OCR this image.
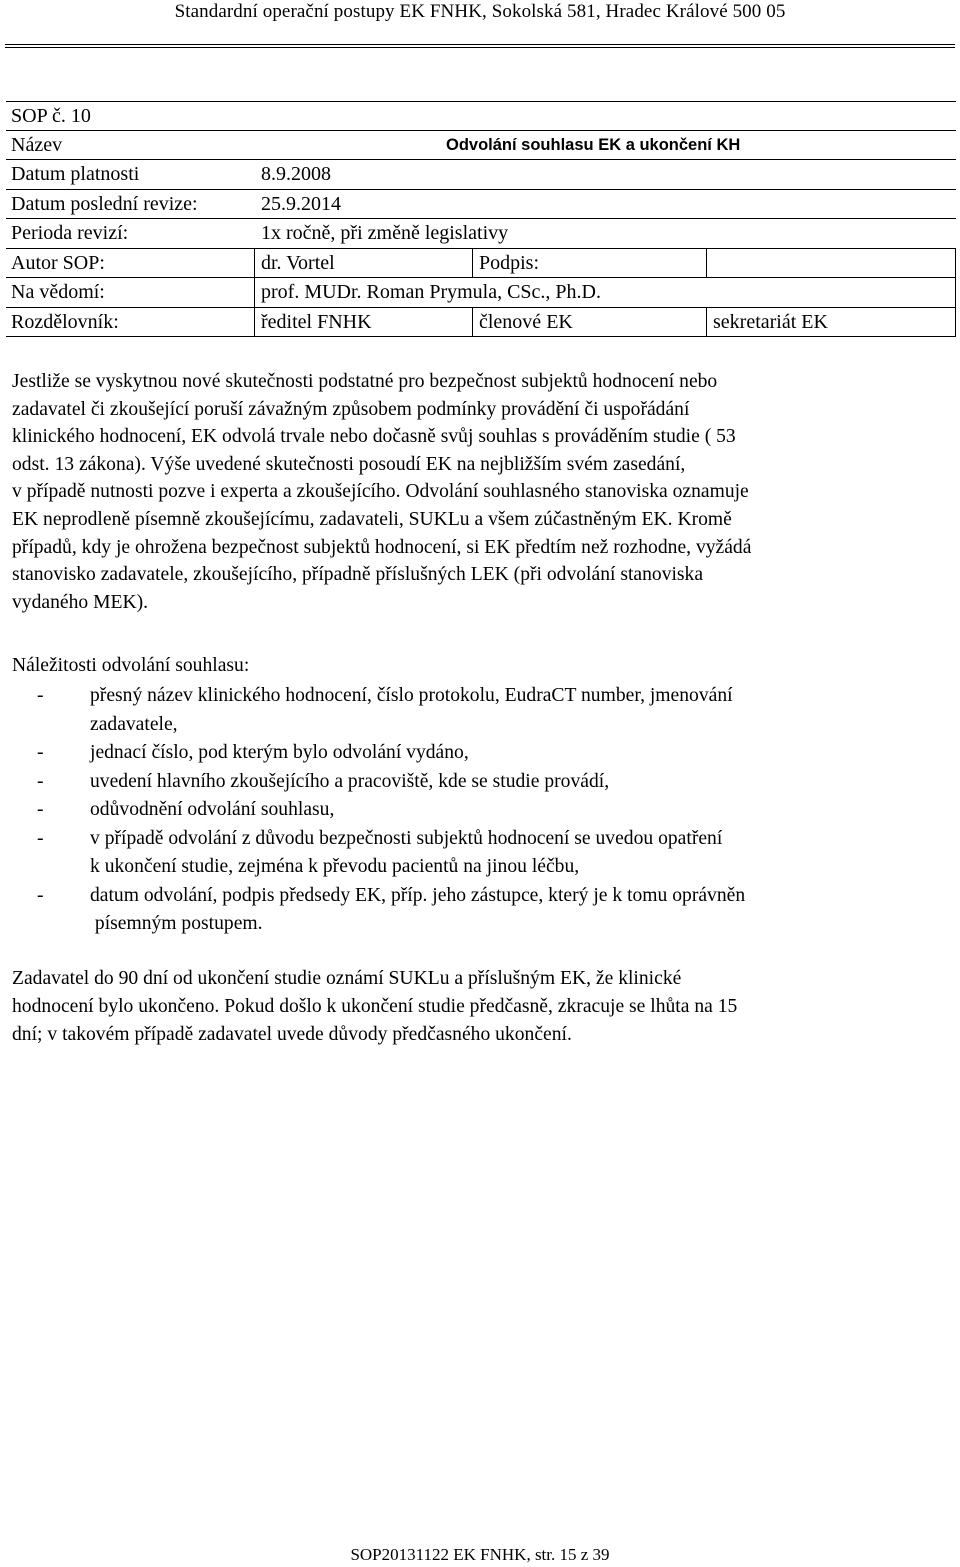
Standardní operační postupy EK FNHK, Sokolská 581, Hradec Králové 500 05
SOP č. 10
Název	Odvolání souhlasu EK a ukončení KH
Datum platnosti	8.9.2008
Datum poslední revize:	25.9.2014
Perioda revizí:	1x ročně, při změně legislativy
Autor SOP:	dr. Vortel	Podpis:
Na vědomí:	prof. MUDr. Roman Prymula, CSc., Ph.D.
Rozdělovník:	ředitel FNHK	členové EK	sekretariát EK
Jestliže se vyskytnou nové skutečnosti podstatné pro bezpečnost subjektů hodnocení nebo
zadavatel či zkoušející poruší závažným způsobem podmínky provádění či uspořádání
klinického hodnocení, EK odvolá trvale nebo dočasně svůj souhlas s prováděním studie ( 53
odst. 13 zákona). Výše uvedené skutečnosti posoudí EK na nejbližším svém zasedání,
v případě nutnosti pozve i experta a zkoušejícího. Odvolání souhlasného stanoviska oznamuje
EK neprodleně písemně zkoušejícímu, zadavateli, SUKLu a všem zúčastněným EK. Kromě
případů, kdy je ohrožena bezpečnost subjektů hodnocení, si EK předtím než rozhodne, vyžádá
stanovisko zadavatele, zkoušejícího, případně příslušných LEK (při odvolání stanoviska
vydaného MEK).
Náležitosti odvolání souhlasu:
- přesný název klinického hodnocení, číslo protokolu, EudraCT number, jmenování
zadavatele,
- jednací číslo, pod kterým bylo odvolání vydáno,
- uvedení hlavního zkoušejícího a pracoviště, kde se studie provádí,
- odůvodnění odvolání souhlasu,
- v případě odvolání z důvodu bezpečnosti subjektů hodnocení se uvedou opatření
k ukončení studie, zejména k převodu pacientů na jinou léčbu,
- datum odvolání, podpis předsedy EK, příp. jeho zástupce, který je k tomu oprávněn
písemným postupem.
Zadavatel do 90 dní od ukončení studie oznámí SUKLu a příslušným EK, že klinické
hodnocení bylo ukončeno. Pokud došlo k ukončení studie předčasně, zkracuje se lhůta na 15
dní; v takovém případě zadavatel uvede důvody předčasného ukončení.
SOP20131122 EK FNHK, str. 15 z 39
